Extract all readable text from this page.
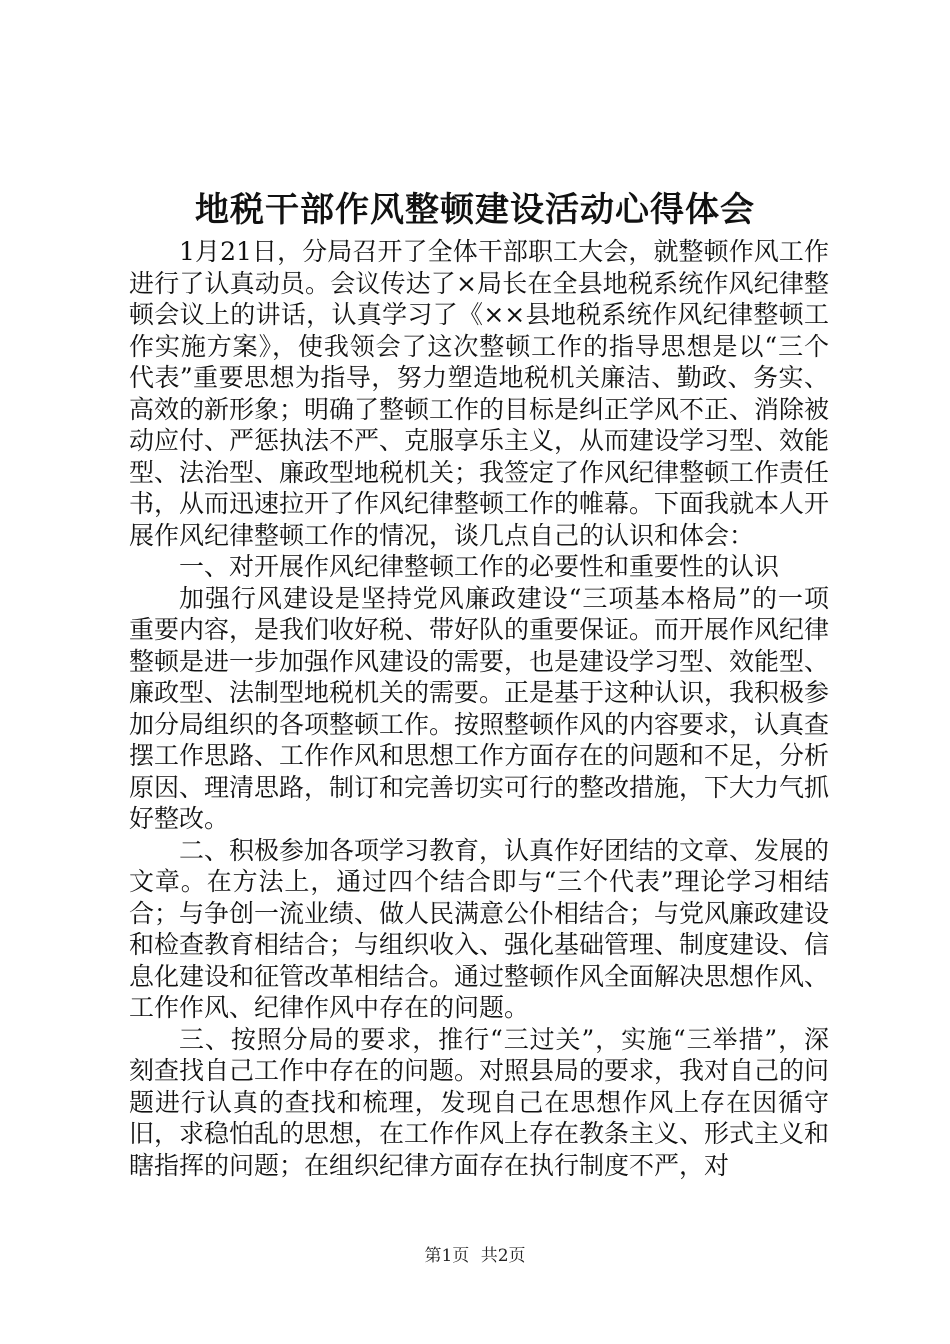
地税干部作风整顿建设活动心得体会

1月21日，分局召开了全体干部职工大会，就整顿作风工作进行了认真动员。会议传达了×局长在全县地税系统作风纪律整顿会议上的讲话，认真学习了《××县地税系统作风纪律整顿工作实施方案》，使我领会了这次整顿工作的指导思想是以“三个代表”重要思想为指导，努力塑造地税机关廉洁、勤政、务实、高效的新形象；明确了整顿工作的目标是纠正学风不正、消除被动应付、严惩执法不严、克服享乐主义，从而建设学习型、效能型、法治型、廉政型地税机关；我签定了作风纪律整顿工作责任书，从而迅速拉开了作风纪律整顿工作的帷幕。下面我就本人开展作风纪律整顿工作的情况，谈几点自己的认识和体会：

一、对开展作风纪律整顿工作的必要性和重要性的认识

加强行风建设是坚持党风廉政建设“三项基本格局”的一项重要内容，是我们收好税、带好队的重要保证。而开展作风纪律整顿是进一步加强作风建设的需要，也是建设学习型、效能型、廉政型、法制型地税机关的需要。正是基于这种认识，我积极参加分局组织的各项整顿工作。按照整顿作风的内容要求，认真查摆工作思路、工作作风和思想工作方面存在的问题和不足，分析原因、理清思路，制订和完善切实可行的整改措施，下大力气抓好整改。

二、积极参加各项学习教育，认真作好团结的文章、发展的文章。在方法上，通过四个结合即与“三个代表”理论学习相结合；与争创一流业绩、做人民满意公仆相结合；与党风廉政建设和检查教育相结合；与组织收入、强化基础管理、制度建设、信息化建设和征管改革相结合。通过整顿作风全面解决思想作风、工作作风、纪律作风中存在的问题。

三、按照分局的要求，推行“三过关”，实施“三举措”，深刻查找自己工作中存在的问题。对照县局的要求，我对自己的问题进行认真的查找和梳理，发现自己在思想作风上存在因循守旧，求稳怕乱的思想，在工作作风上存在教条主义、形式主义和瞎指挥的问题；在组织纪律方面存在执行制度不严，对

第1页 共2页
